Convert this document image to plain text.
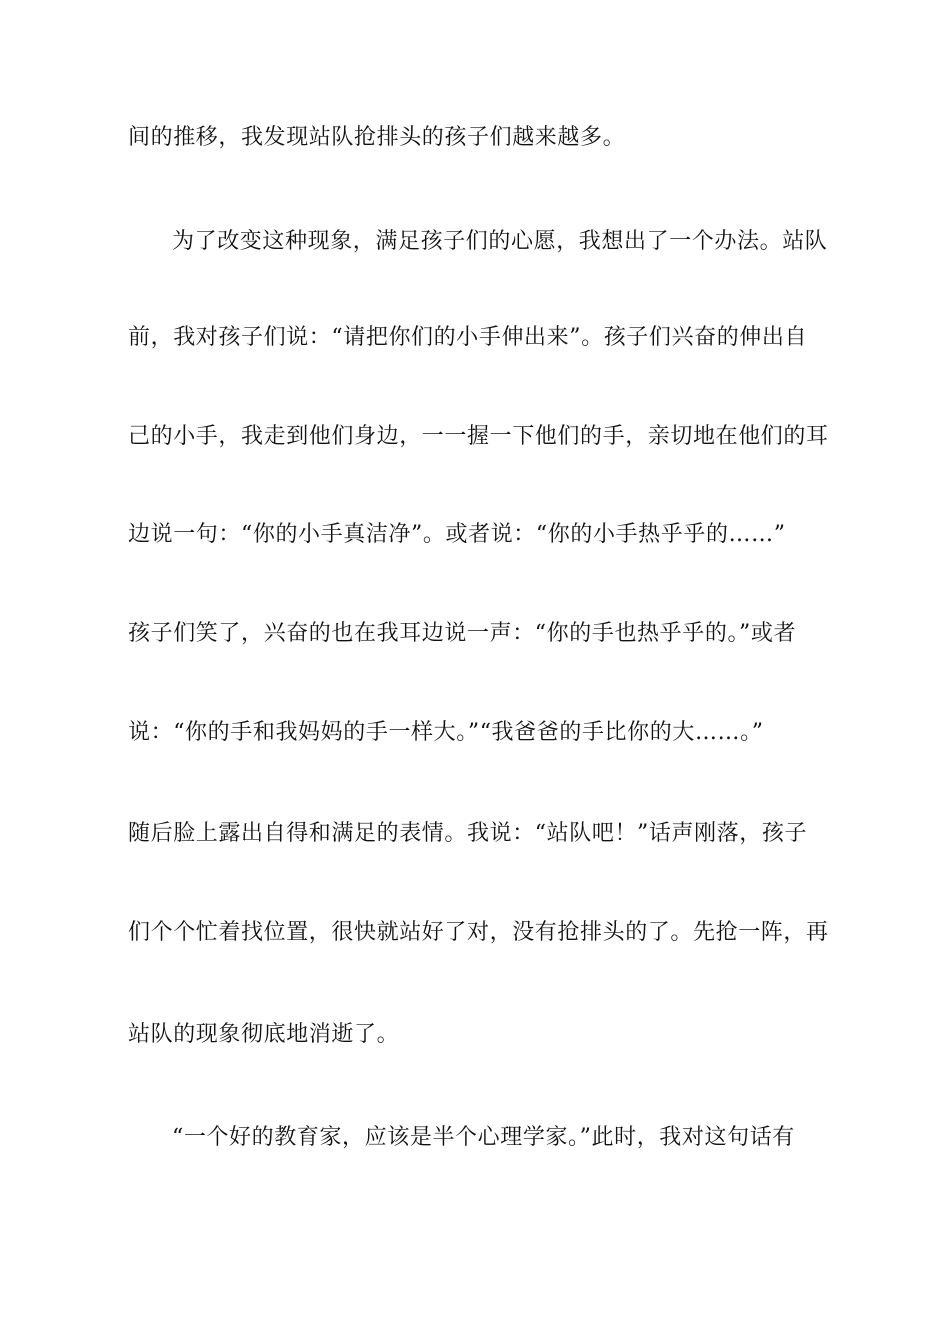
间的推移，我发现站队抢排头的孩子们越来越多。
为了改变这种现象，满足孩子们的心愿，我想出了一个办法。站队
前，我对孩子们说：“请把你们的小手伸出来”。孩子们兴奋的伸出自
己的小手，我走到他们身边，一一握一下他们的手，亲切地在他们的耳
边说一句：“你的小手真洁净”。或者说：“你的小手热乎乎的……”
孩子们笑了，兴奋的也在我耳边说一声：“你的手也热乎乎的。”或者
说：“你的手和我妈妈的手一样大。”“我爸爸的手比你的大……。”
随后脸上露出自得和满足的表情。我说：“站队吧！”话声刚落，孩子
们个个忙着找位置，很快就站好了对，没有抢排头的了。先抢一阵，再
站队的现象彻底地消逝了。
“一个好的教育家，应该是半个心理学家。”此时，我对这句话有
